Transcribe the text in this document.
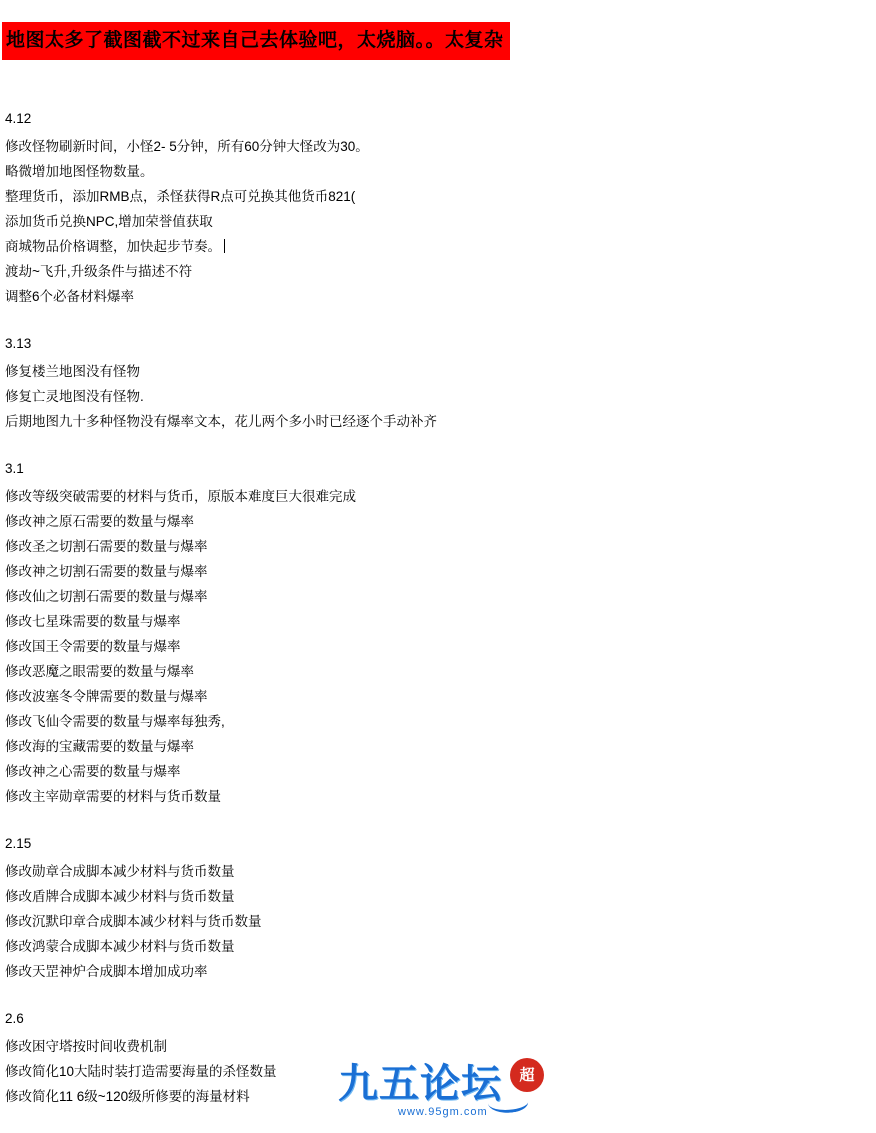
地图太多了截图截不过来自己去体验吧，太烧脑。。太复杂
4.12
修改怪物刷新时间，小怪2- 5分钟，所有60分钟大怪改为30。
略微增加地图怪物数量。
整理货币，添加RMB点，杀怪获得R点可兑换其他货币821(
添加货币兑换NPC,增加荣誉值获取
商城物品价格调整，加快起步节奏。
渡劫~飞升,升级条件与描述不符
调整6个必备材料爆率
3.13
修复楼兰地图没有怪物
修复亡灵地图没有怪物.
后期地图九十多种怪物没有爆率文本，花儿两个多小时已经逐个手动补齐
3.1
修改等级突破需要的材料与货币，原版本难度巨大很难完成
修改神之原石需要的数量与爆率
修改圣之切割石需要的数量与爆率
修改神之切割石需要的数量与爆率
修改仙之切割石需要的数量与爆率
修改七星珠需要的数量与爆率
修改国王令需要的数量与爆率
修改恶魔之眼需要的数量与爆率
修改波塞冬令牌需要的数量与爆率
修改飞仙令需要的数量与爆率每独秀,
修改海的宝藏需要的数量与爆率
修改神之心需要的数量与爆率
修改主宰勋章需要的材料与货币数量
2.15
修改勋章合成脚本减少材料与货币数量
修改盾牌合成脚本减少材料与货币数量
修改沉默印章合成脚本减少材料与货币数量
修改鸿蒙合成脚本减少材料与货币数量
修改天罡神炉合成脚本增加成功率
2.6
修改困守塔按时间收费机制
修改简化10大陆时装打造需要海量的杀怪数量
修改简化11 6级~120级所修要的海量材料	九五论坛	超
www.95gm.com
